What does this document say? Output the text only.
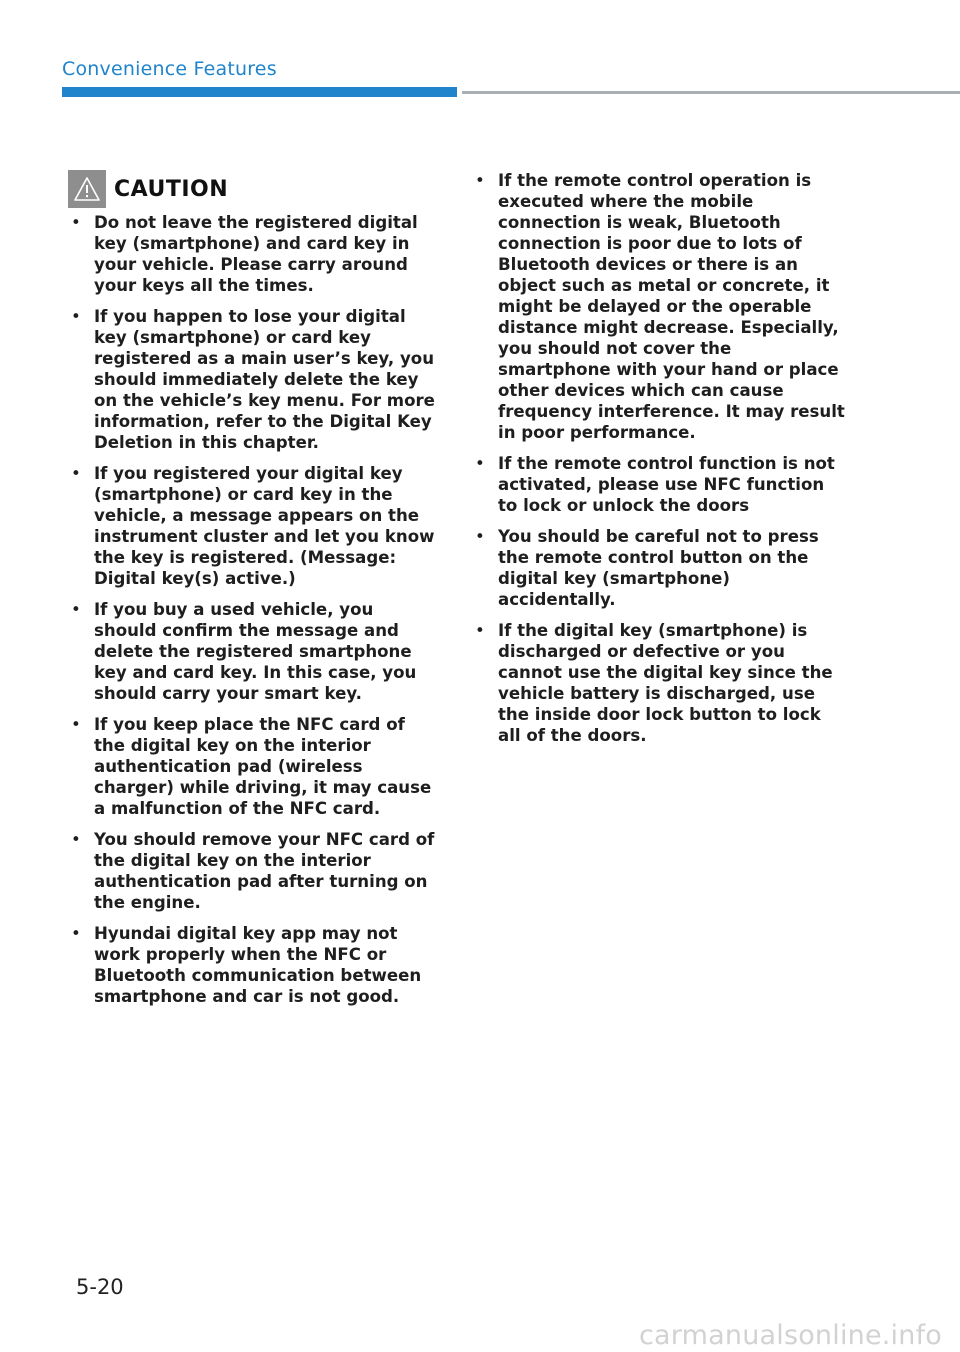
Convenience Features
CAUTION
• Do not leave the registered digital key (smartphone) and card key in your vehicle. Please carry around your keys all the times.
• If you happen to lose your digital key (smartphone) or card key registered as a main user’s key, you should immediately delete the key on the vehicle’s key menu. For more information, refer to the Digital Key Deletion in this chapter.
• If you registered your digital key (smartphone) or card key in the vehicle, a message appears on the instrument cluster and let you know the key is registered. (Message: Digital key(s) active.)
• If you buy a used vehicle, you should confirm the message and delete the registered smartphone key and card key. In this case, you should carry your smart key.
• If you keep place the NFC card of the digital key on the interior authentication pad (wireless charger) while driving, it may cause a malfunction of the NFC card.
• You should remove your NFC card of the digital key on the interior authentication pad after turning on the engine.
• Hyundai digital key app may not work properly when the NFC or Bluetooth communication between smartphone and car is not good.
• If the remote control operation is executed where the mobile connection is weak, Bluetooth connection is poor due to lots of Bluetooth devices or there is an object such as metal or concrete, it might be delayed or the operable distance might decrease. Especially, you should not cover the smartphone with your hand or place other devices which can cause frequency interference. It may result in poor performance.
• If the remote control function is not activated, please use NFC function to lock or unlock the doors
• You should be careful not to press the remote control button on the digital key (smartphone) accidentally.
• If the digital key (smartphone) is discharged or defective or you cannot use the digital key since the vehicle battery is discharged, use the inside door lock button to lock all of the doors.
5-20
carmanualsonline.info
